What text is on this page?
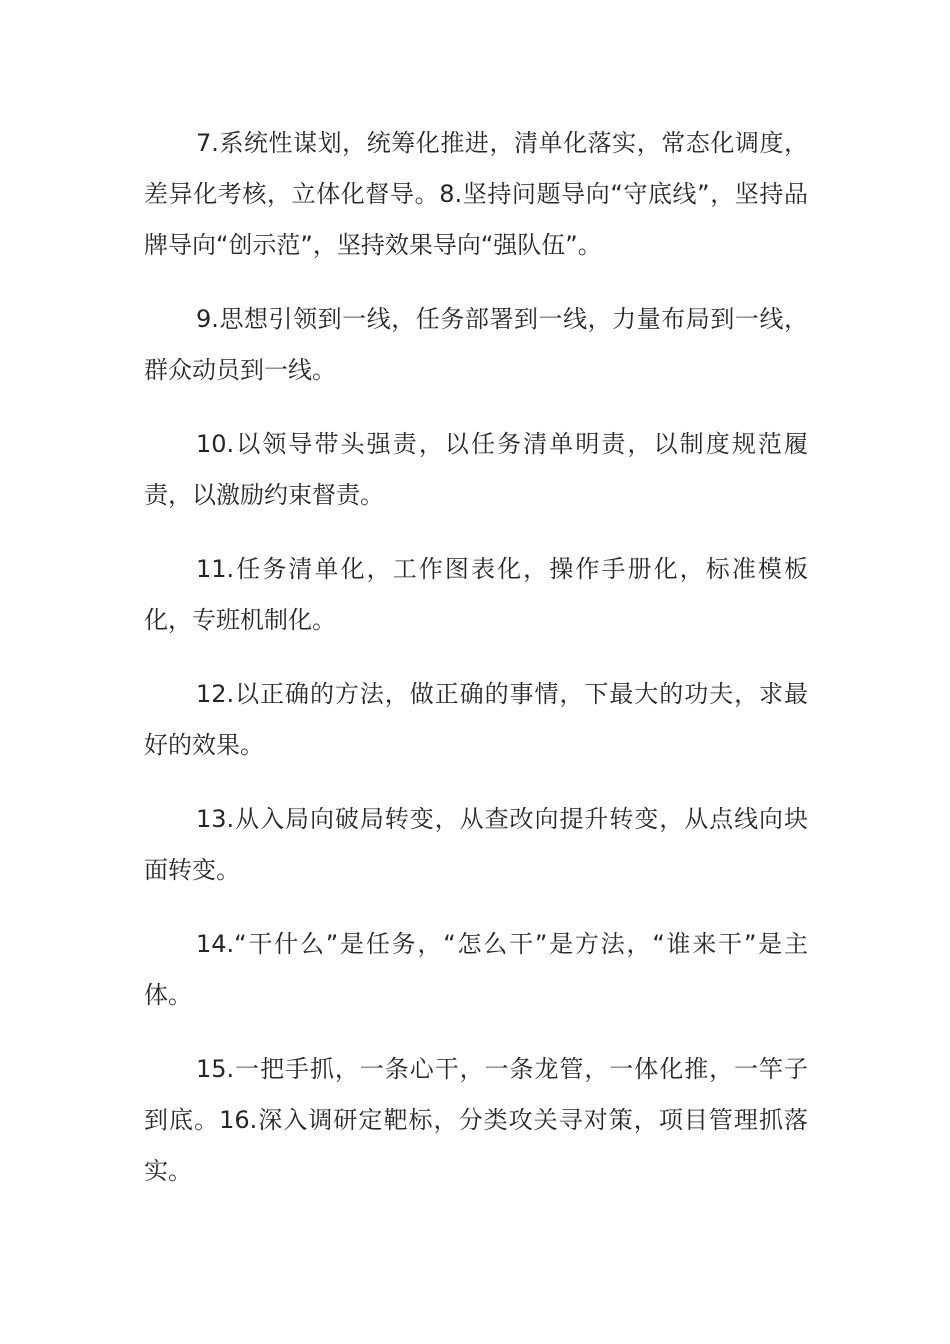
7.系统性谋划，统筹化推进，清单化落实，常态化调度，差异化考核，立体化督导。8.坚持问题导向“守底线”，坚持品牌导向“创示范”，坚持效果导向“强队伍”。

9.思想引领到一线，任务部署到一线，力量布局到一线，群众动员到一线。

10.以领导带头强责，以任务清单明责，以制度规范履责，以激励约束督责。

11.任务清单化，工作图表化，操作手册化，标准模板化，专班机制化。

12.以正确的方法，做正确的事情，下最大的功夫，求最好的效果。

13.从入局向破局转变，从查改向提升转变，从点线向块面转变。

14.“干什么”是任务，“怎么干”是方法，“谁来干”是主体。

15.一把手抓，一条心干，一条龙管，一体化推，一竿子到底。16.深入调研定靶标，分类攻关寻对策，项目管理抓落实。
